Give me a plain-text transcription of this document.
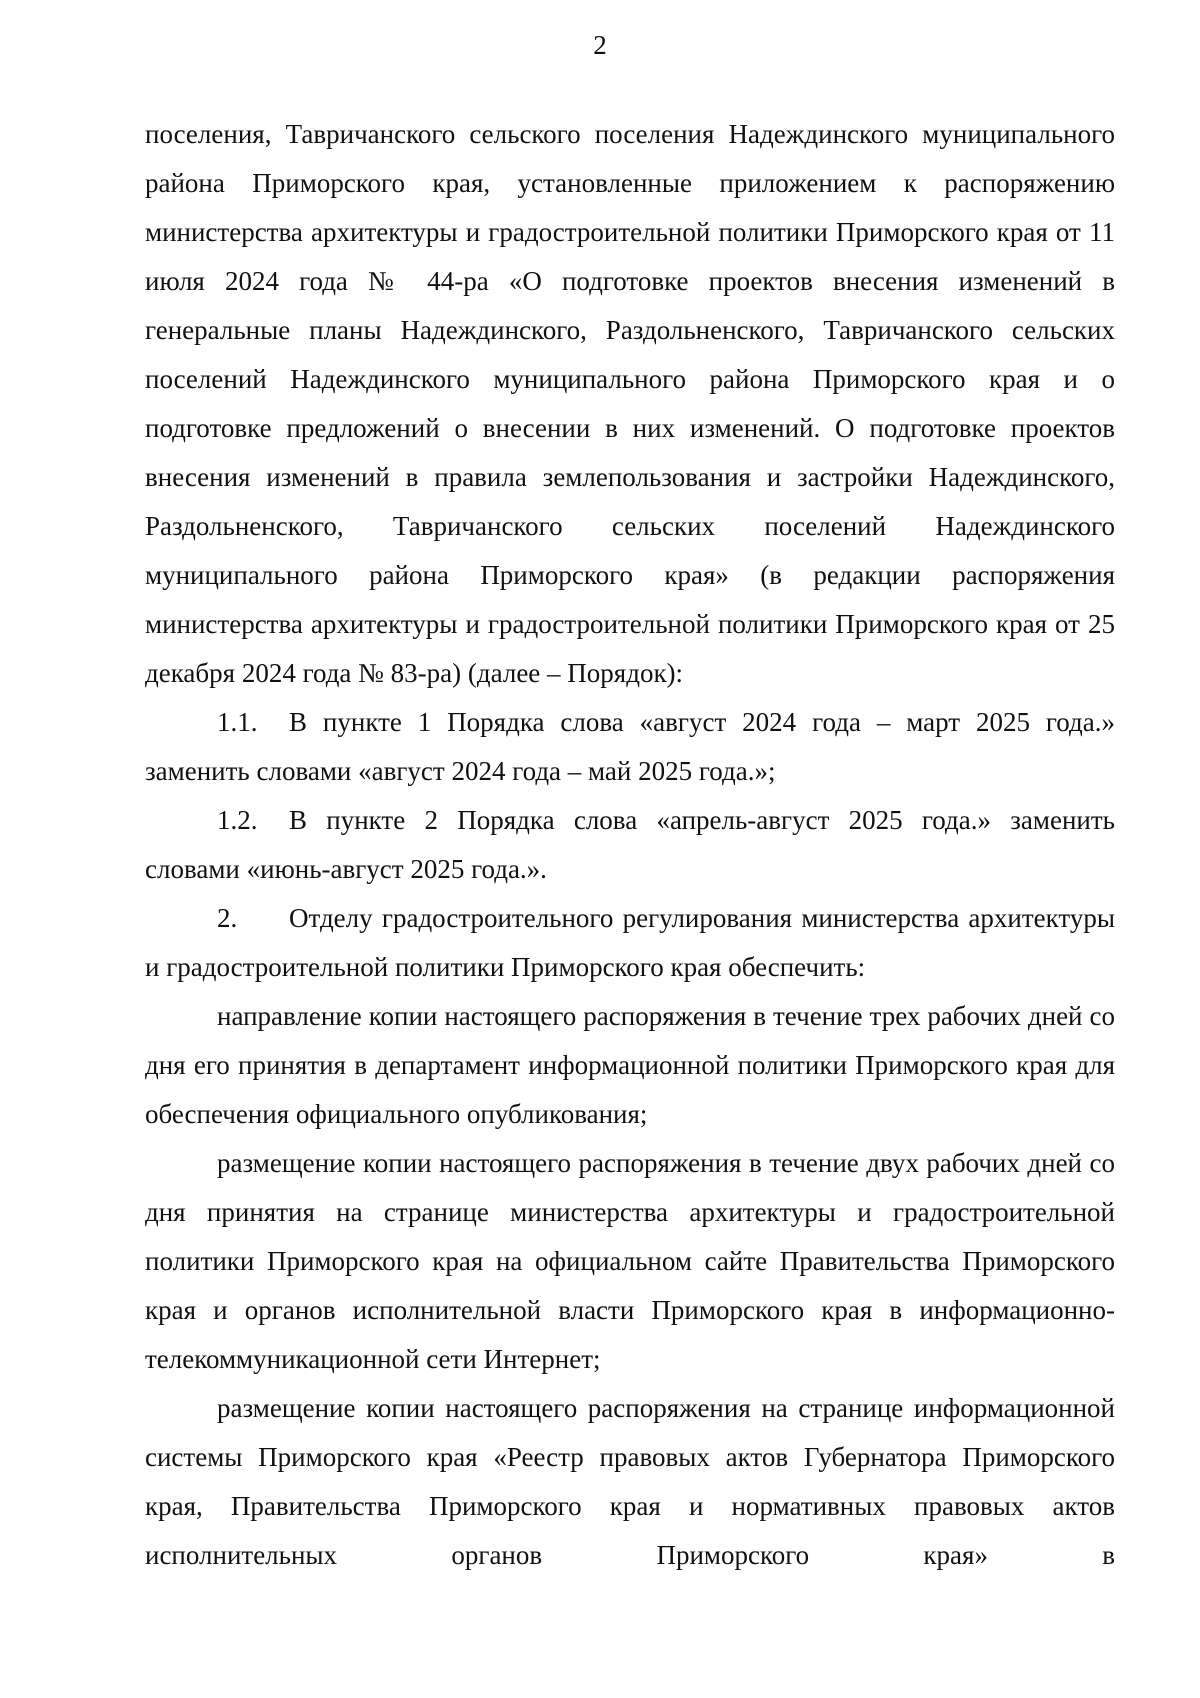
2

поселения, Тавричанского сельского поселения Надеждинского муниципального района Приморского края, установленные приложением к распоряжению министерства архитектуры и градостроительной политики Приморского края от 11 июля 2024 года № 44-ра «О подготовке проектов внесения изменений в генеральные планы Надеждинского, Раздольненского, Тавричанского сельских поселений Надеждинского муниципального района Приморского края и о подготовке предложений о внесении в них изменений. О подготовке проектов внесения изменений в правила землепользования и застройки Надеждинского, Раздольненского, Тавричанского сельских поселений Надеждинского муниципального района Приморского края» (в редакции распоряжения министерства архитектуры и градостроительной политики Приморского края от 25 декабря 2024 года № 83-ра) (далее – Порядок):

1.1. В пункте 1 Порядка слова «август 2024 года – март 2025 года.» заменить словами «август 2024 года – май 2025 года.»;

1.2. В пункте 2 Порядка слова «апрель-август 2025 года.» заменить словами «июнь-август 2025 года.».

2. Отделу градостроительного регулирования министерства архитектуры и градостроительной политики Приморского края обеспечить:

направление копии настоящего распоряжения в течение трех рабочих дней со дня его принятия в департамент информационной политики Приморского края для обеспечения официального опубликования;

размещение копии настоящего распоряжения в течение двух рабочих дней со дня принятия на странице министерства архитектуры и градостроительной политики Приморского края на официальном сайте Правительства Приморского края и органов исполнительной власти Приморского края в информационно-телекоммуникационной сети Интернет;

размещение копии настоящего распоряжения на странице информационной системы Приморского края «Реестр правовых актов Губернатора Приморского края, Правительства Приморского края и нормативных правовых актов исполнительных органов Приморского края» в
